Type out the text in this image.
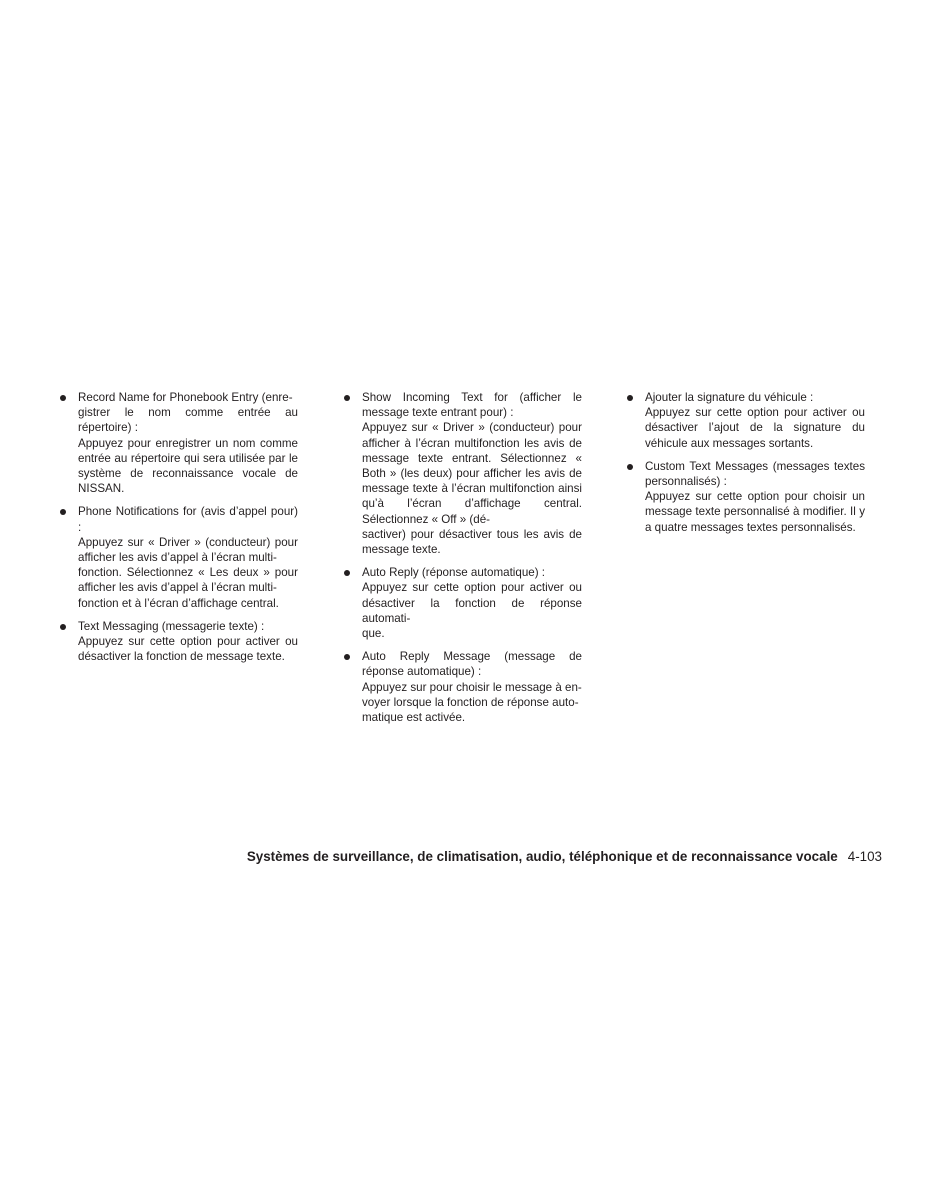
Record Name for Phonebook Entry (enre-
gistrer le nom comme entrée au répertoire) :
Appuyez pour enregistrer un nom comme entrée au répertoire qui sera utilisée par le système de reconnaissance vocale de NISSAN.
Phone Notifications for (avis d’appel pour) :
Appuyez sur « Driver » (conducteur) pour afficher les avis d’appel à l’écran multi-
fonction. Sélectionnez « Les deux » pour afficher les avis d’appel à l’écran multi-
fonction et à l’écran d’affichage central.
Text Messaging (messagerie texte) :
Appuyez sur cette option pour activer ou désactiver la fonction de message texte.
Show Incoming Text for (afficher le message texte entrant pour) :
Appuyez sur « Driver » (conducteur) pour afficher à l’écran multifonction les avis de message texte entrant. Sélectionnez « Both » (les deux) pour afficher les avis de message texte à l’écran multifonction ainsi qu’à l’écran d’affichage central. Sélectionnez « Off » (dé-
sactiver) pour désactiver tous les avis de message texte.
Auto Reply (réponse automatique) :
Appuyez sur cette option pour activer ou désactiver la fonction de réponse automati-
que.
Auto Reply Message (message de réponse automatique) :
Appuyez sur pour choisir le message à en-
voyer lorsque la fonction de réponse auto-
matique est activée.
Ajouter la signature du véhicule :
Appuyez sur cette option pour activer ou désactiver l’ajout de la signature du véhicule aux messages sortants.
Custom Text Messages (messages textes personnalisés) :
Appuyez sur cette option pour choisir un message texte personnalisé à modifier. Il y a quatre messages textes personnalisés.
Systèmes de surveillance, de climatisation, audio, téléphonique et de reconnaissance vocale 4-103
